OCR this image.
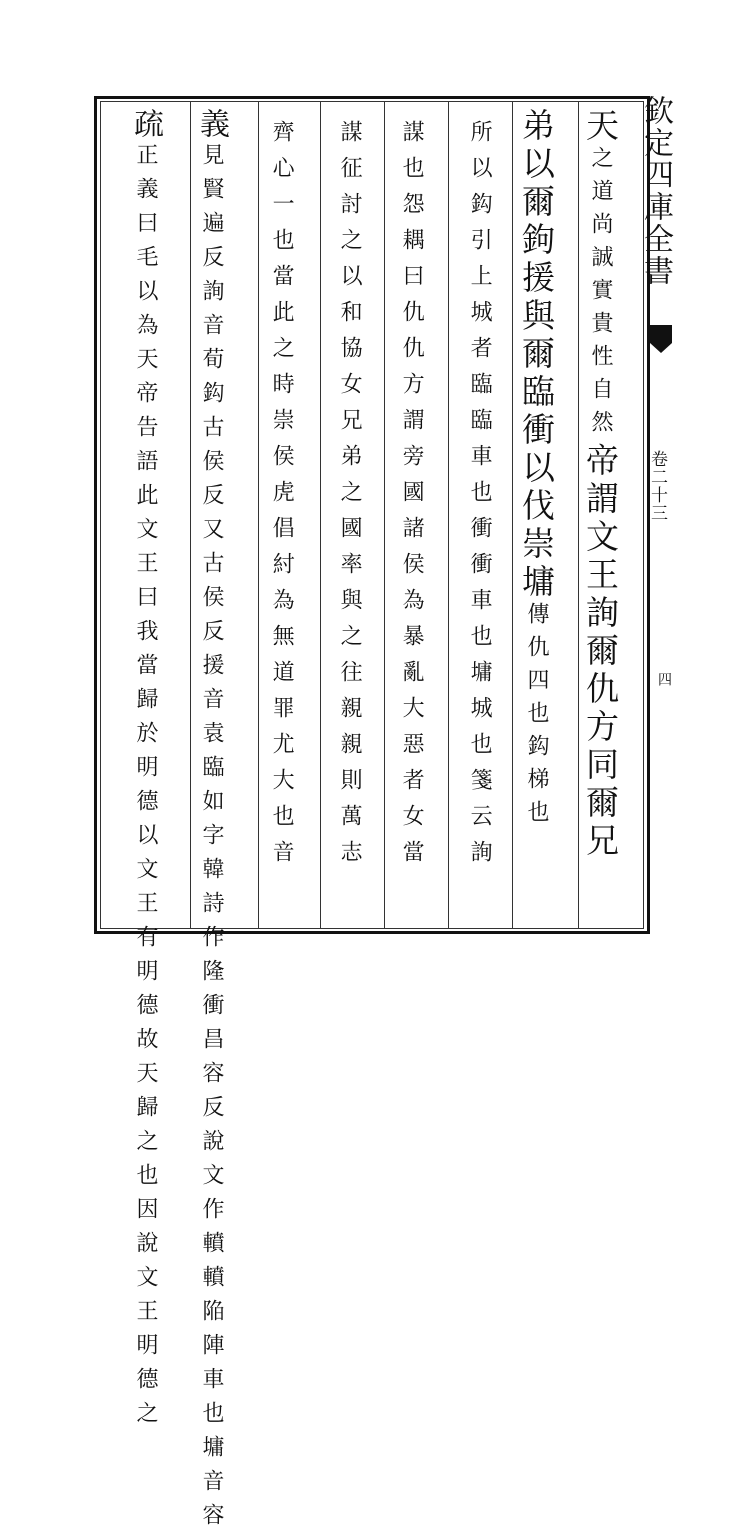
欽定四庫全書
卷二十三
四
天之道尚誠實貴性自然帝謂文王詢爾仇方同爾兄
弟以爾鉤援與爾臨衝以伐崇墉傳仇四也鈎梯也
所以鈎引上城者臨臨車也衝衝車也墉城也箋云詢
謀也怨耦曰仇仇方謂旁國諸侯為暴亂大惡者女當
謀征討之以和協女兄弟之國率與之往親親則萬志
齊心一也當此之時崇侯虎倡紂為無道罪尤大也音
義見賢遍反詢音荀鈎古侯反又古侯反援音袁臨如字韓詩作隆衝昌容反說文作轒轒陥陣車也墉音容
疏正義曰毛以為天帝告語此文王曰我當歸於明德以文王有明德故天歸之也因說文王明德之
